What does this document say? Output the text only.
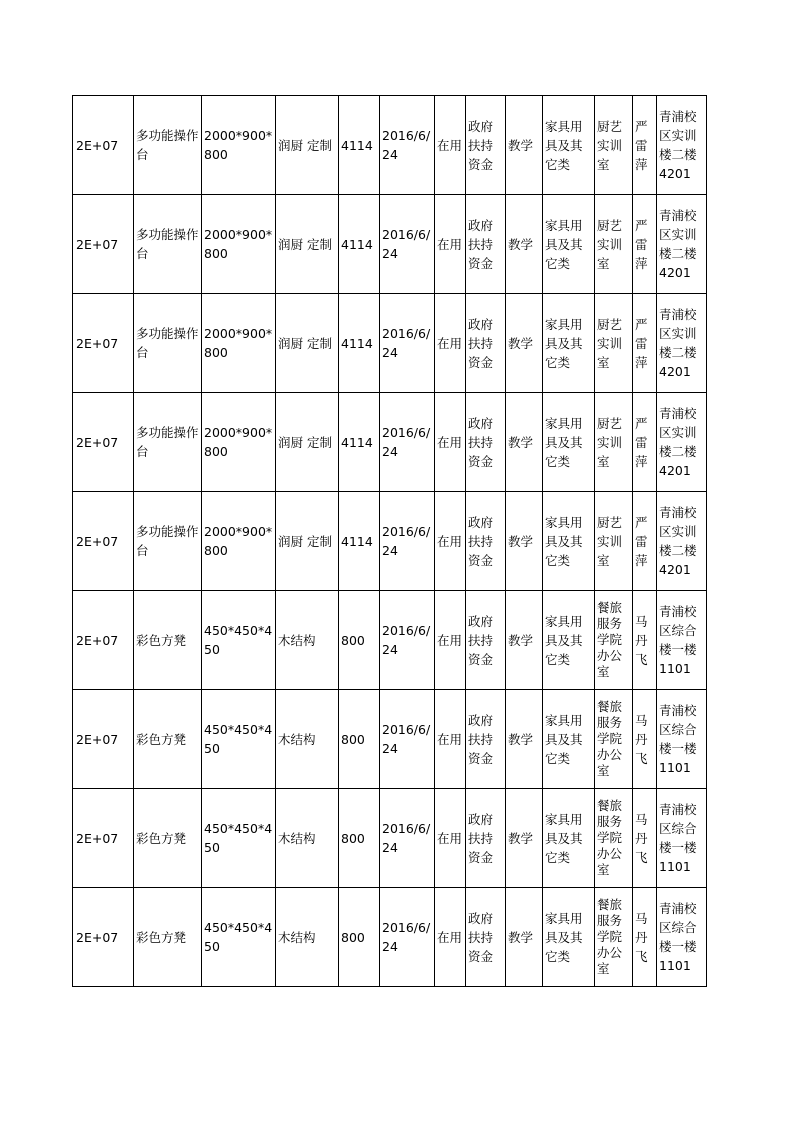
2E+07	多功能操作台	2000*900*800	润厨 定制	4114	2016/6/24	在用	政府扶持资金	教学	家具用具及其它类	厨艺实训室	严雷萍	青浦校区实训楼二楼4201
2E+07	多功能操作台	2000*900*800	润厨 定制	4114	2016/6/24	在用	政府扶持资金	教学	家具用具及其它类	厨艺实训室	严雷萍	青浦校区实训楼二楼4201
2E+07	多功能操作台	2000*900*800	润厨 定制	4114	2016/6/24	在用	政府扶持资金	教学	家具用具及其它类	厨艺实训室	严雷萍	青浦校区实训楼二楼4201
2E+07	多功能操作台	2000*900*800	润厨 定制	4114	2016/6/24	在用	政府扶持资金	教学	家具用具及其它类	厨艺实训室	严雷萍	青浦校区实训楼二楼4201
2E+07	多功能操作台	2000*900*800	润厨 定制	4114	2016/6/24	在用	政府扶持资金	教学	家具用具及其它类	厨艺实训室	严雷萍	青浦校区实训楼二楼4201
2E+07	彩色方凳	450*450*450	木结构	800	2016/6/24	在用	政府扶持资金	教学	家具用具及其它类	餐旅服务学院办公室	马丹飞	青浦校区综合楼一楼1101
2E+07	彩色方凳	450*450*450	木结构	800	2016/6/24	在用	政府扶持资金	教学	家具用具及其它类	餐旅服务学院办公室	马丹飞	青浦校区综合楼一楼1101
2E+07	彩色方凳	450*450*450	木结构	800	2016/6/24	在用	政府扶持资金	教学	家具用具及其它类	餐旅服务学院办公室	马丹飞	青浦校区综合楼一楼1101
2E+07	彩色方凳	450*450*450	木结构	800	2016/6/24	在用	政府扶持资金	教学	家具用具及其它类	餐旅服务学院办公室	马丹飞	青浦校区综合楼一楼1101
